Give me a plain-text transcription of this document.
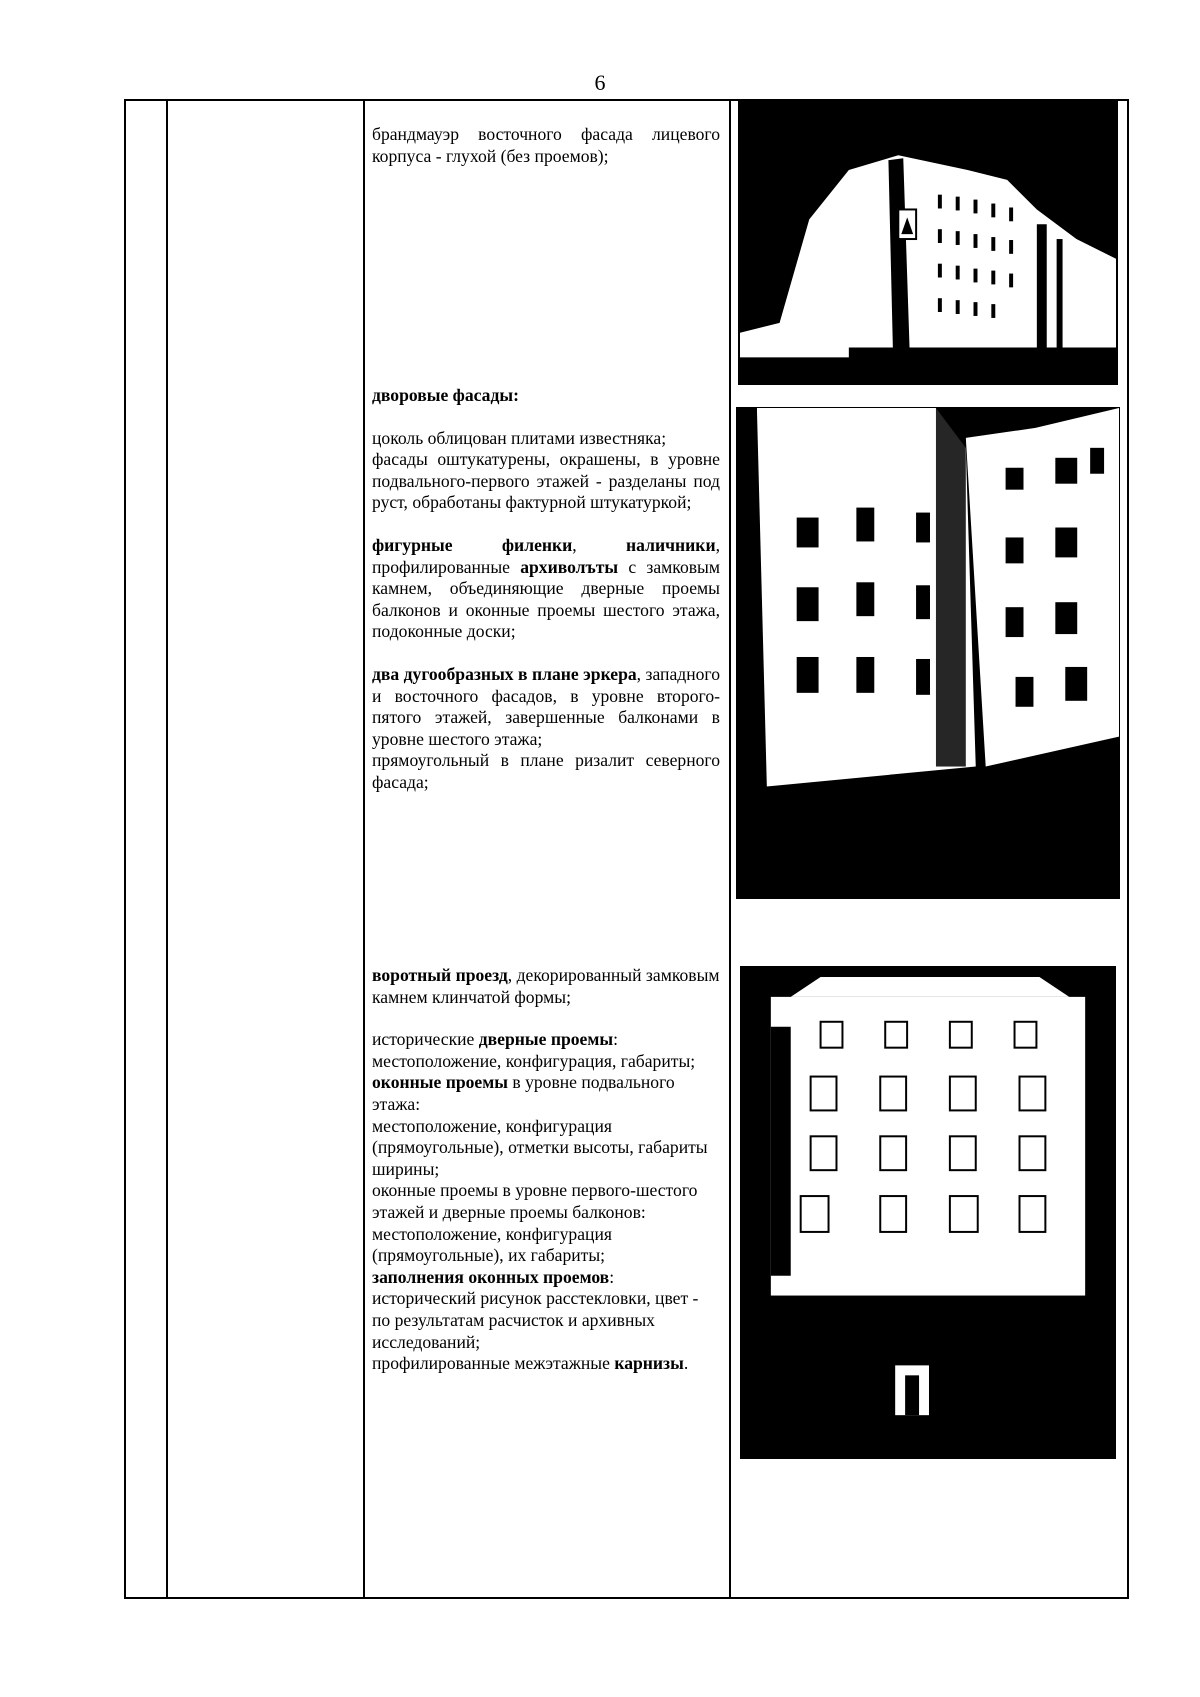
6

брандмауэр восточного фасада лицевого корпуса - глухой (без проемов);

дворовые фасады:

цоколь облицован плитами известняка;

фасады оштукатурены, окрашены, в уровне подвального-первого этажей - разделаны под руст, обработаны фактурной штукатуркой;

фигурные филенки, наличники, профилированные архиволъты с замковым камнем, объединяющие дверные проемы балконов и оконные проемы шестого этажа, подоконные доски;

два дугообразных в плане эркера, западного и восточного фасадов, в уровне второго-пятого этажей, завершенные балконами в уровне шестого этажа;

прямоугольный в плане ризалит северного фасада;

воротный проезд, декорированный замковым камнем клинчатой формы;

исторические дверные проемы:

местоположение, конфигурация, габариты;

оконные проемы в уровне подвального этажа:

местоположение, конфигурация (прямоугольные), отметки высоты, габариты ширины;

оконные проемы в уровне первого-шестого этажей и дверные проемы балконов:

местоположение, конфигурация (прямоугольные), их габариты;

заполнения оконных проемов:

исторический рисунок расстекловки, цвет - по результатам расчисток и архивных исследований;

профилированные межэтажные карнизы.
